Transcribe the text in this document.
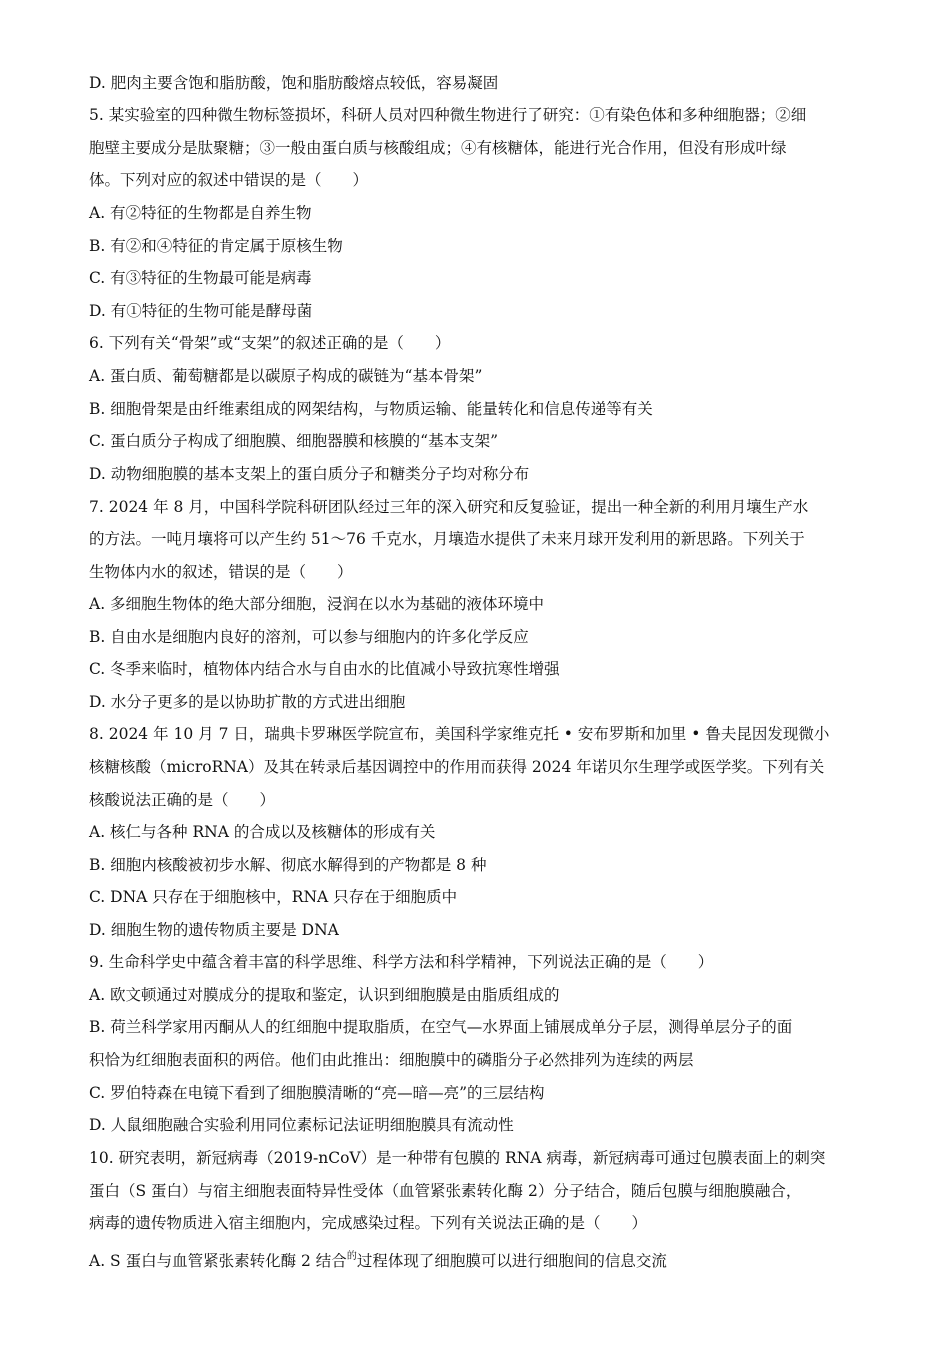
D. 肥肉主要含饱和脂肪酸，饱和脂肪酸熔点较低，容易凝固
5. 某实验室的四种微生物标签损坏，科研人员对四种微生物进行了研究：①有染色体和多种细胞器；②细
胞壁主要成分是肽聚糖；③一般由蛋白质与核酸组成；④有核糖体，能进行光合作用，但没有形成叶绿
体。下列对应的叙述中错误的是（　　）
A. 有②特征的生物都是自养生物
B. 有②和④特征的肯定属于原核生物
C. 有③特征的生物最可能是病毒
D. 有①特征的生物可能是酵母菌
6. 下列有关“骨架”或“支架”的叙述正确的是（　　）
A. 蛋白质、葡萄糖都是以碳原子构成的碳链为“基本骨架”
B. 细胞骨架是由纤维素组成的网架结构，与物质运输、能量转化和信息传递等有关
C. 蛋白质分子构成了细胞膜、细胞器膜和核膜的“基本支架”
D. 动物细胞膜的基本支架上的蛋白质分子和糖类分子均对称分布
7. 2024 年 8 月，中国科学院科研团队经过三年的深入研究和反复验证，提出一种全新的利用月壤生产水
的方法。一吨月壤将可以产生约 51～76 千克水，月壤造水提供了未来月球开发利用的新思路。下列关于
生物体内水的叙述，错误的是（　　）
A. 多细胞生物体的绝大部分细胞，浸润在以水为基础的液体环境中
B. 自由水是细胞内良好的溶剂，可以参与细胞内的许多化学反应
C. 冬季来临时，植物体内结合水与自由水的比值减小导致抗寒性增强
D. 水分子更多的是以协助扩散的方式进出细胞
8. 2024 年 10 月 7 日，瑞典卡罗琳医学院宣布，美国科学家维克托 • 安布罗斯和加里 • 鲁夫昆因发现微小
核糖核酸（microRNA）及其在转录后基因调控中的作用而获得 2024 年诺贝尔生理学或医学奖。下列有关
核酸说法正确的是（　　）
A. 核仁与各种 RNA 的合成以及核糖体的形成有关
B. 细胞内核酸被初步水解、彻底水解得到的产物都是 8 种
C. DNA 只存在于细胞核中，RNA 只存在于细胞质中
D. 细胞生物的遗传物质主要是 DNA
9. 生命科学史中蕴含着丰富的科学思维、科学方法和科学精神，下列说法正确的是（　　）
A. 欧文顿通过对膜成分的提取和鉴定，认识到细胞膜是由脂质组成的
B. 荷兰科学家用丙酮从人的红细胞中提取脂质，在空气—水界面上铺展成单分子层，测得单层分子的面
积恰为红细胞表面积的两倍。他们由此推出：细胞膜中的磷脂分子必然排列为连续的两层
C. 罗伯特森在电镜下看到了细胞膜清晰的“亮—暗—亮”的三层结构
D. 人鼠细胞融合实验利用同位素标记法证明细胞膜具有流动性
10. 研究表明，新冠病毒（2019-nCoV）是一种带有包膜的 RNA 病毒，新冠病毒可通过包膜表面上的刺突
蛋白（S 蛋白）与宿主细胞表面特异性受体（血管紧张素转化酶 2）分子结合，随后包膜与细胞膜融合，
病毒的遗传物质进入宿主细胞内，完成感染过程。下列有关说法正确的是（　　）
A. S 蛋白与血管紧张素转化酶 2 结合$^的$过程体现了细胞膜可以进行细胞间的信息交流
